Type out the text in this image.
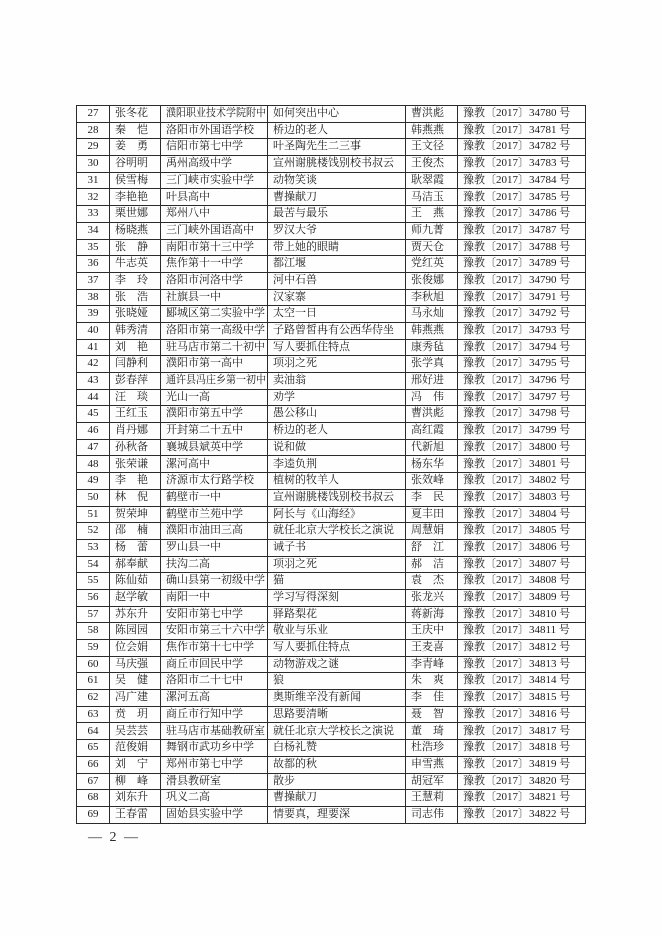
27	张冬花	濮阳职业技术学院附中	如何突出中心	曹洪彪	豫教〔2017〕34780 号
28	秦　恺	洛阳市外国语学校	桥边的老人	韩燕燕	豫教〔2017〕34781 号
29	姜　勇	信阳市第七中学	叶圣陶先生二三事	王文径	豫教〔2017〕34782 号
30	谷明明	禹州高级中学	宣州谢朓楼饯别校书叔云	王俊杰	豫教〔2017〕34783 号
31	侯雪梅	三门峡市实验中学	动物笑谈	耿翠霞	豫教〔2017〕34784 号
32	李艳艳	叶县高中	曹操献刀	马洁玉	豫教〔2017〕34785 号
33	栗世娜	郑州八中	最苦与最乐	王　燕	豫教〔2017〕34786 号
34	杨晓燕	三门峡外国语高中	罗汉大爷	师九菁	豫教〔2017〕34787 号
35	张　静	南阳市第十三中学	带上她的眼睛	贾天仓	豫教〔2017〕34788 号
36	牛志英	焦作第十一中学	都江堰	党红英	豫教〔2017〕34789 号
37	李　玲	洛阳市河洛中学	河中石兽	张俊娜	豫教〔2017〕34790 号
38	张　浩	社旗县一中	汉家寨	李秋旭	豫教〔2017〕34791 号
39	张晓娅	郾城区第二实验中学	太空一日	马永灿	豫教〔2017〕34792 号
40	韩秀清	洛阳市第一高级中学	子路曾皙冉有公西华侍坐	韩燕燕	豫教〔2017〕34793 号
41	刘　艳	驻马店市第二十初中	写人要抓住特点	康秀毡	豫教〔2017〕34794 号
42	闫静利	濮阳市第一高中	项羽之死	张学真	豫教〔2017〕34795 号
43	彭春萍	通许县冯庄乡第一初中	卖油翁	邢好进	豫教〔2017〕34796 号
44	汪　琰	光山一高	劝学	冯　伟	豫教〔2017〕34797 号
45	王红玉	濮阳市第五中学	愚公移山	曹洪彪	豫教〔2017〕34798 号
46	肖丹娜	开封第二十五中	桥边的老人	高红霞	豫教〔2017〕34799 号
47	孙秋备	襄城县斌英中学	说和做	代新旭	豫教〔2017〕34800 号
48	张荣谦	漯河高中	李逵负荆	杨东华	豫教〔2017〕34801 号
49	李　艳	济源市太行路学校	植树的牧羊人	张效峰	豫教〔2017〕34802 号
50	林　倪	鹤壁市一中	宣州谢朓楼饯别校书叔云	李　民	豫教〔2017〕34803 号
51	贺荣坤	鹤壁市兰苑中学	阿长与《山海经》	夏丰田	豫教〔2017〕34804 号
52	邵　楠	濮阳市油田三高	就任北京大学校长之演说	周慧娟	豫教〔2017〕34805 号
53	杨　蕾	罗山县一中	诫子书	舒　江	豫教〔2017〕34806 号
54	郝奉献	扶沟二高	项羽之死	郝　洁	豫教〔2017〕34807 号
55	陈仙茹	确山县第一初级中学	猫	袁　杰	豫教〔2017〕34808 号
56	赵学敏	南阳一中	学习写得深刻	张龙兴	豫教〔2017〕34809 号
57	苏东升	安阳市第七中学	驿路梨花	蒋新海	豫教〔2017〕34810 号
58	陈园园	安阳市第三十六中学	敬业与乐业	王庆中	豫教〔2017〕34811 号
59	位会娟	焦作市第十七中学	写人要抓住特点	王麦喜	豫教〔2017〕34812 号
60	马庆强	商丘市回民中学	动物游戏之谜	李青峰	豫教〔2017〕34813 号
61	吴　健	洛阳市二十七中	狼	朱　爽	豫教〔2017〕34814 号
62	冯广建	漯河五高	奥斯维辛没有新闻	李　佳	豫教〔2017〕34815 号
63	贲　玥	商丘市行知中学	思路要清晰	聂　智	豫教〔2017〕34816 号
64	吴芸芸	驻马店市基础教研室	就任北京大学校长之演说	董　琦	豫教〔2017〕34817 号
65	范俊娟	舞钢市武功乡中学	白杨礼赞	杜浩珍	豫教〔2017〕34818 号
66	刘　宁	郑州市第七中学	故都的秋	申雪燕	豫教〔2017〕34819 号
67	柳　峰	滑县教研室	散步	胡冠军	豫教〔2017〕34820 号
68	刘东升	巩义二高	曹操献刀	王慧莉	豫教〔2017〕34821 号
69	王春雷	固始县实验中学	情要真，理要深	司志伟	豫教〔2017〕34822 号
— 2 —
